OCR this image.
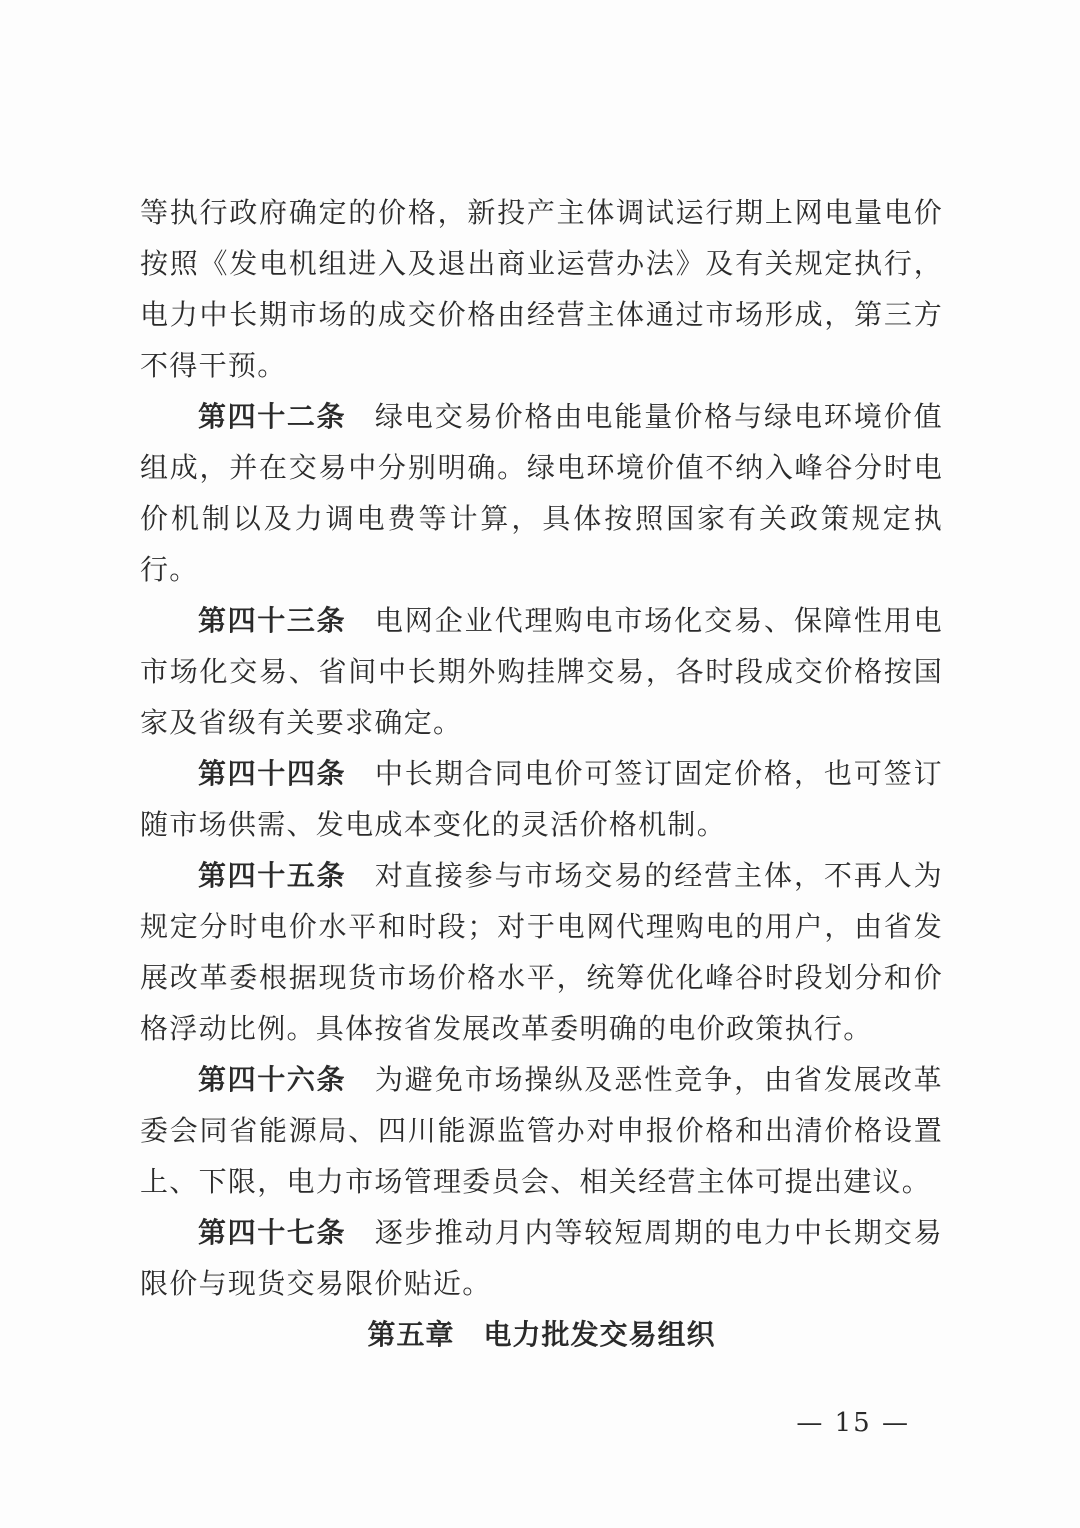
等执行政府确定的价格，新投产主体调试运行期上网电量电价按照《发电机组进入及退出商业运营办法》及有关规定执行，电力中长期市场的成交价格由经营主体通过市场形成，第三方不得干预。

第四十二条 绿电交易价格由电能量价格与绿电环境价值组成，并在交易中分别明确。绿电环境价值不纳入峰谷分时电价机制以及力调电费等计算，具体按照国家有关政策规定执行。

第四十三条 电网企业代理购电市场化交易、保障性用电市场化交易、省间中长期外购挂牌交易，各时段成交价格按国家及省级有关要求确定。

第四十四条 中长期合同电价可签订固定价格，也可签订随市场供需、发电成本变化的灵活价格机制。

第四十五条 对直接参与市场交易的经营主体，不再人为规定分时电价水平和时段；对于电网代理购电的用户，由省发展改革委根据现货市场价格水平，统筹优化峰谷时段划分和价格浮动比例。具体按省发展改革委明确的电价政策执行。

第四十六条 为避免市场操纵及恶性竞争，由省发展改革委会同省能源局、四川能源监管办对申报价格和出清价格设置上、下限，电力市场管理委员会、相关经营主体可提出建议。

第四十七条 逐步推动月内等较短周期的电力中长期交易限价与现货交易限价贴近。

第五章　电力批发交易组织

— 15 —
